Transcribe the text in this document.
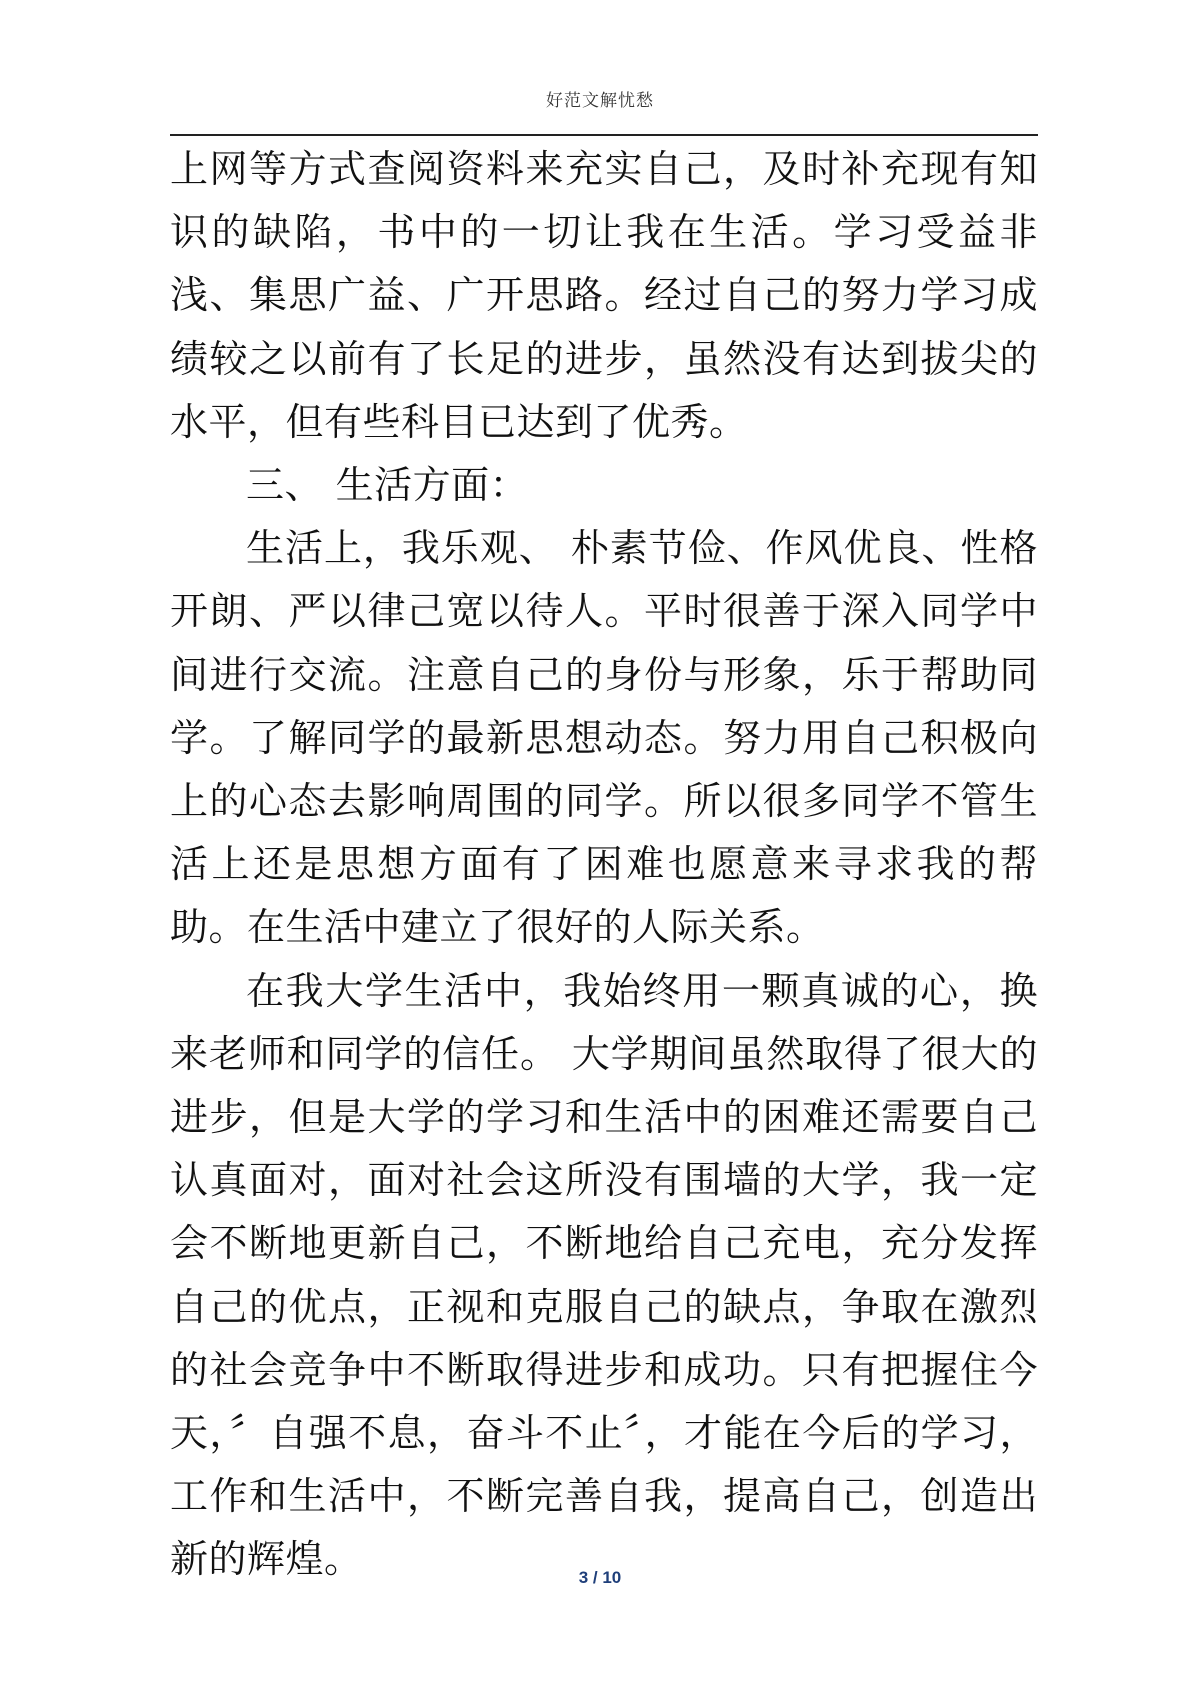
好范文解忧愁

上网等方式查阅资料来充实自己，及时补充现有知识的缺陷，书中的一切让我在生活。学习受益非浅、集思广益、广开思路。经过自己的努力学习成绩较之以前有了长足的进步，虽然没有达到拔尖的水平，但有些科目已达到了优秀。

三、 生活方面：

生活上，我乐观、 朴素节俭、作风优良、性格开朗、严以律己宽以待人。平时很善于深入同学中间进行交流。注意自己的身份与形象，乐于帮助同学。了解同学的最新思想动态。努力用自己积极向上的心态去影响周围的同学。所以很多同学不管生活上还是思想方面有了困难也愿意来寻求我的帮助。在生活中建立了很好的人际关系。

在我大学生活中，我始终用一颗真诚的心，换来老师和同学的信任。 大学期间虽然取得了很大的进步，但是大学的学习和生活中的困难还需要自己认真面对，面对社会这所没有围墙的大学，我一定会不断地更新自己，不断地给自己充电，充分发挥自己的优点，正视和克服自己的缺点，争取在激烈的社会竞争中不断取得进步和成功。只有把握住今天，〞自强不息，奋斗不止〞，才能在今后的学习，工作和生活中，不断完善自我，提高自己，创造出新的辉煌。	3 / 10
